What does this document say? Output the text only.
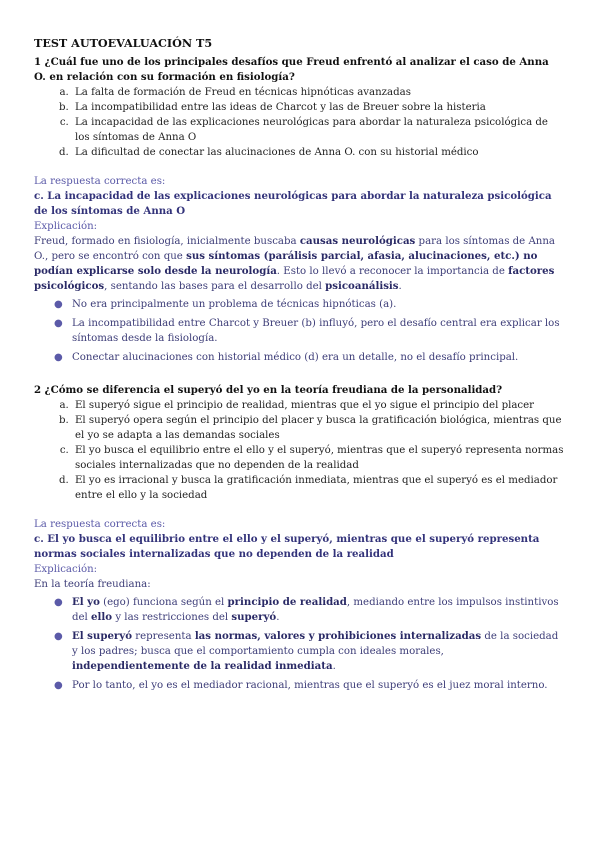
TEST AUTOEVALUACIÓN T5

1 ¿Cuál fue uno de los principales desafíos que Freud enfrentó al analizar el caso de Anna O. en relación con su formación en fisiología?

a. La falta de formación de Freud en técnicas hipnóticas avanzadas
b. La incompatibilidad entre las ideas de Charcot y las de Breuer sobre la histeria
c. La incapacidad de las explicaciones neurológicas para abordar la naturaleza psicológica de los síntomas de Anna O
d. La dificultad de conectar las alucinaciones de Anna O. con su historial médico
La respuesta correcta es:
c. La incapacidad de las explicaciones neurológicas para abordar la naturaleza psicológica de los síntomas de Anna O
Explicación:
Freud, formado en fisiología, inicialmente buscaba causas neurológicas para los síntomas de Anna O., pero se encontró con que sus síntomas (parálisis parcial, afasia, alucinaciones, etc.) no podían explicarse solo desde la neurología. Esto lo llevó a reconocer la importancia de factores psicológicos, sentando las bases para el desarrollo del psicoanálisis.
● No era principalmente un problema de técnicas hipnóticas (a).
● La incompatibilidad entre Charcot y Breuer (b) influyó, pero el desafío central era explicar los síntomas desde la fisiología.
● Conectar alucinaciones con historial médico (d) era un detalle, no el desafío principal.

2 ¿Cómo se diferencia el superyó del yo en la teoría freudiana de la personalidad?

a. El superyó sigue el principio de realidad, mientras que el yo sigue el principio del placer
b. El superyó opera según el principio del placer y busca la gratificación biológica, mientras que el yo se adapta a las demandas sociales
c. El yo busca el equilibrio entre el ello y el superyó, mientras que el superyó representa normas sociales internalizadas que no dependen de la realidad
d. El yo es irracional y busca la gratificación inmediata, mientras que el superyó es el mediador entre el ello y la sociedad
La respuesta correcta es:
c. El yo busca el equilibrio entre el ello y el superyó, mientras que el superyó representa normas sociales internalizadas que no dependen de la realidad
Explicación:
En la teoría freudiana:
● El yo (ego) funciona según el principio de realidad, mediando entre los impulsos instintivos del ello y las restricciones del superyó.
● El superyó representa las normas, valores y prohibiciones internalizadas de la sociedad y los padres; busca que el comportamiento cumpla con ideales morales, independientemente de la realidad inmediata.
● Por lo tanto, el yo es el mediador racional, mientras que el superyó es el juez moral interno.
